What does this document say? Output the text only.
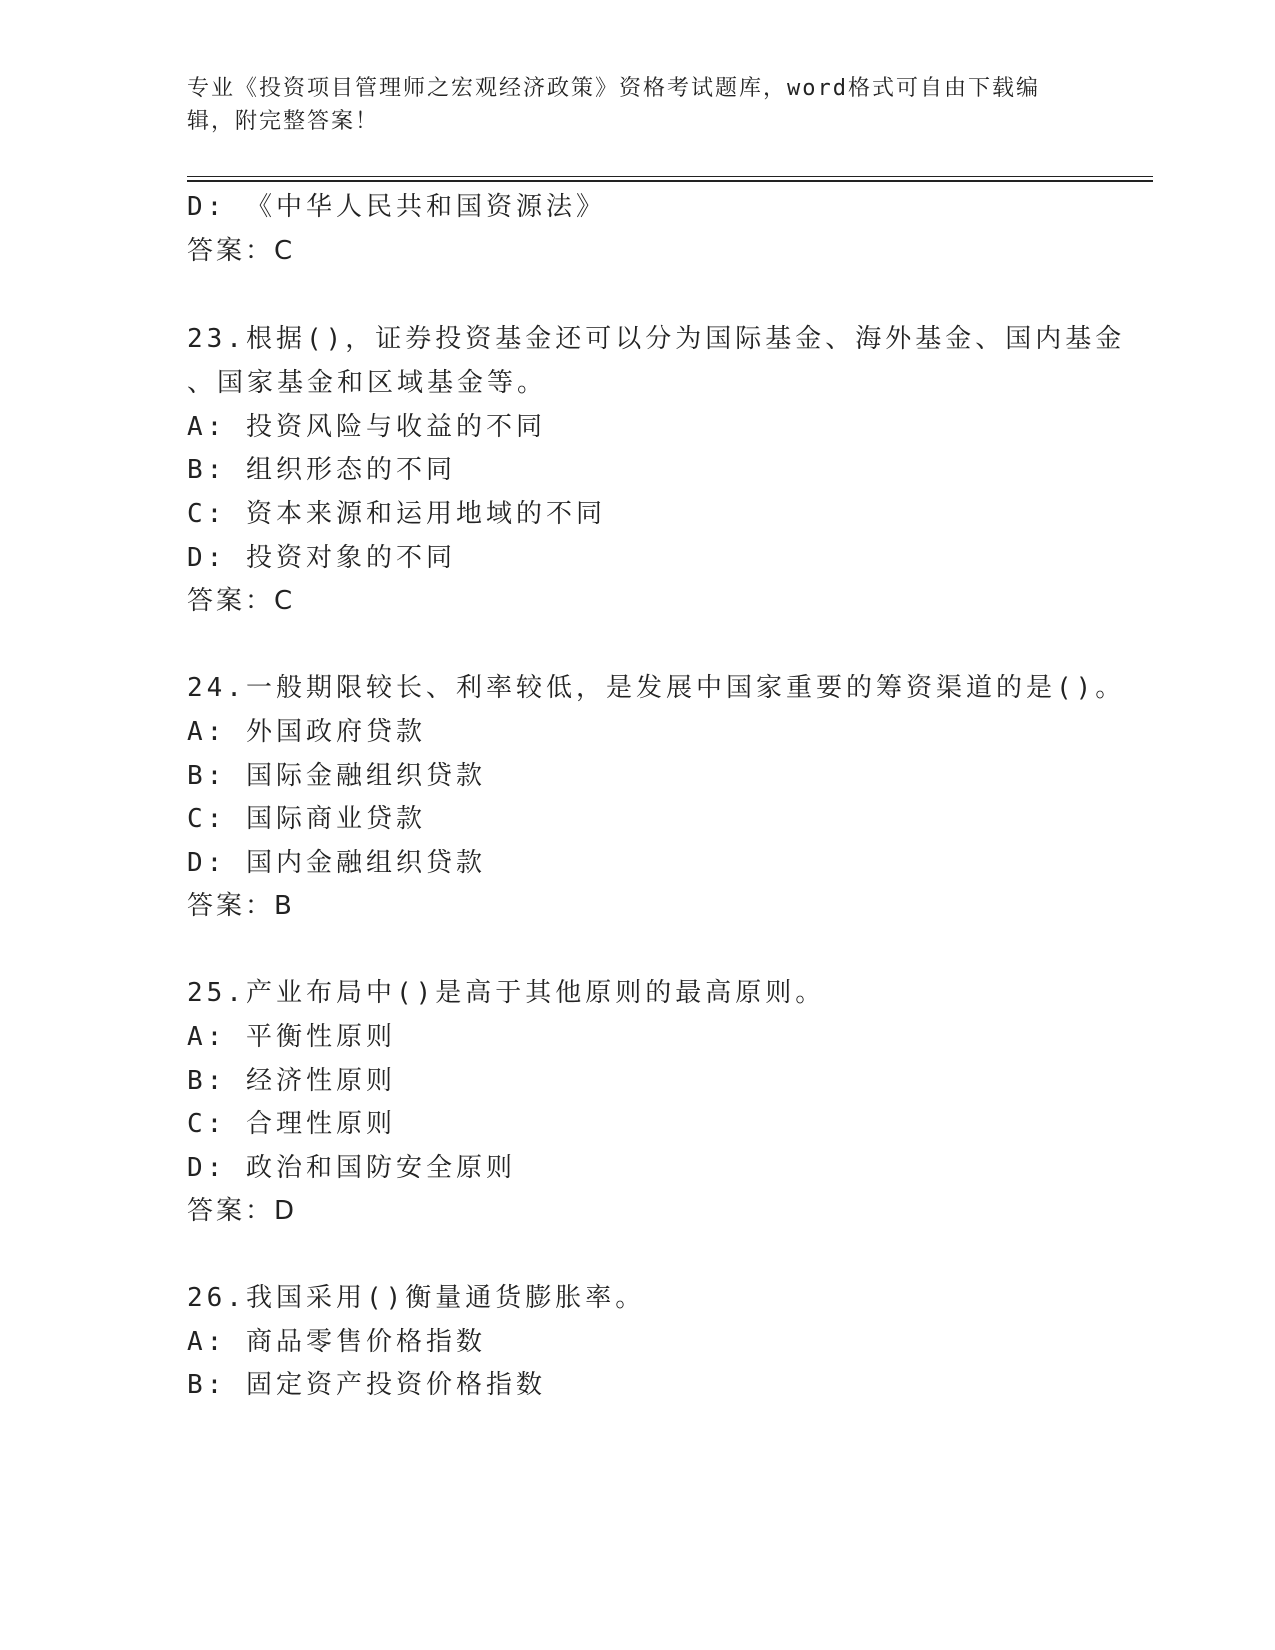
专业《投资项目管理师之宏观经济政策》资格考试题库，word格式可自由下载编
辑，附完整答案！
D: 《中华人民共和国资源法》
答案：C
23.根据()，证券投资基金还可以分为国际基金、海外基金、国内基金
、国家基金和区域基金等。
A: 投资风险与收益的不同
B: 组织形态的不同
C: 资本来源和运用地域的不同
D: 投资对象的不同
答案：C
24.一般期限较长、利率较低，是发展中国家重要的筹资渠道的是()。
A: 外国政府贷款
B: 国际金融组织贷款
C: 国际商业贷款
D: 国内金融组织贷款
答案：B
25.产业布局中()是高于其他原则的最高原则。
A: 平衡性原则
B: 经济性原则
C: 合理性原则
D: 政治和国防安全原则
答案：D
26.我国采用()衡量通货膨胀率。
A: 商品零售价格指数
B: 固定资产投资价格指数
